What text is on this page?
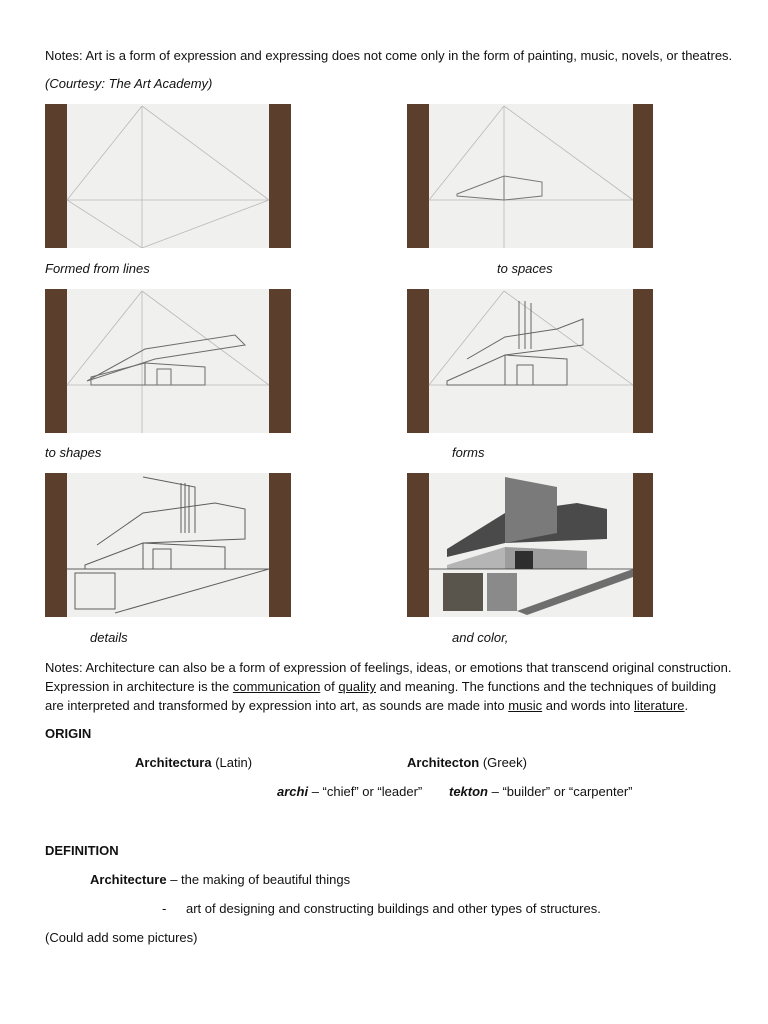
Notes: Art is a form of expression and expressing does not come only in the form of painting, music, novels, or theatres.
(Courtesy: The Art Academy)
Formed from lines	to spaces
to shapes	forms
details	and color,
Notes: Architecture can also be a form of expression of feelings, ideas, or emotions that transcend original construction. Expression in architecture is the communication of quality and meaning. The functions and the techniques of building are interpreted and transformed by expression into art, as sounds are made into music and words into literature.
ORIGIN
Architectura (Latin)	Architecton (Greek)
archi – “chief” or “leader” tekton – “builder” or “carpenter”
DEFINITION
Architecture – the making of beautiful things
- art of designing and constructing buildings and other types of structures.
(Could add some pictures)
